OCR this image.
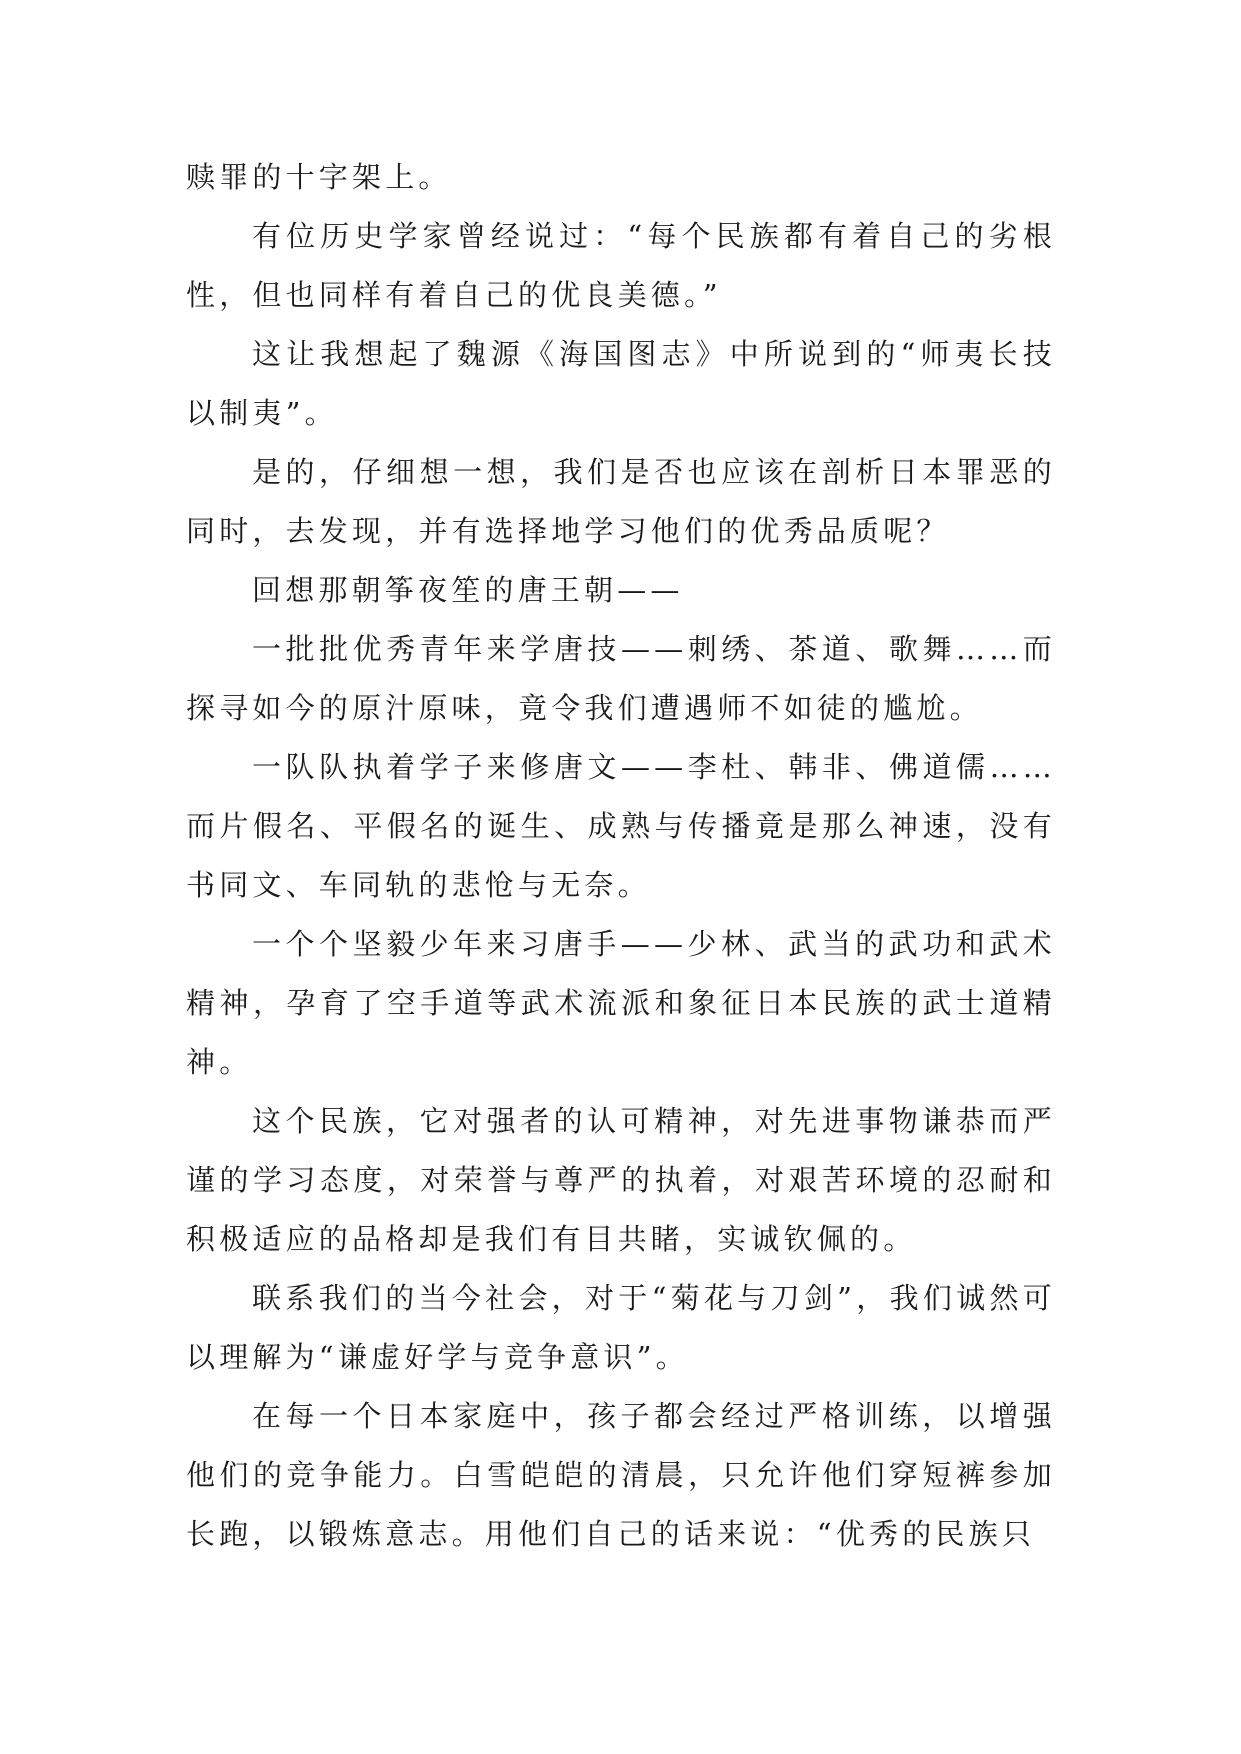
赎罪的十字架上。

有位历史学家曾经说过：“每个民族都有着自己的劣根性，但也同样有着自己的优良美德。”

这让我想起了魏源《海国图志》中所说到的“师夷长技以制夷”。

是的，仔细想一想，我们是否也应该在剖析日本罪恶的同时，去发现，并有选择地学习他们的优秀品质呢？

回想那朝筝夜笙的唐王朝——

一批批优秀青年来学唐技——刺绣、茶道、歌舞……而探寻如今的原汁原味，竟令我们遭遇师不如徒的尴尬。

一队队执着学子来修唐文——李杜、韩非、佛道儒……而片假名、平假名的诞生、成熟与传播竟是那么神速，没有书同文、车同轨的悲怆与无奈。

一个个坚毅少年来习唐手——少林、武当的武功和武术精神，孕育了空手道等武术流派和象征日本民族的武士道精神。

这个民族，它对强者的认可精神，对先进事物谦恭而严谨的学习态度，对荣誉与尊严的执着，对艰苦环境的忍耐和积极适应的品格却是我们有目共睹，实诚钦佩的。

联系我们的当今社会，对于“菊花与刀剑”，我们诚然可以理解为“谦虚好学与竞争意识”。

在每一个日本家庭中，孩子都会经过严格训练，以增强他们的竞争能力。白雪皑皑的清晨，只允许他们穿短裤参加长跑，以锻炼意志。用他们自己的话来说：“优秀的民族只
